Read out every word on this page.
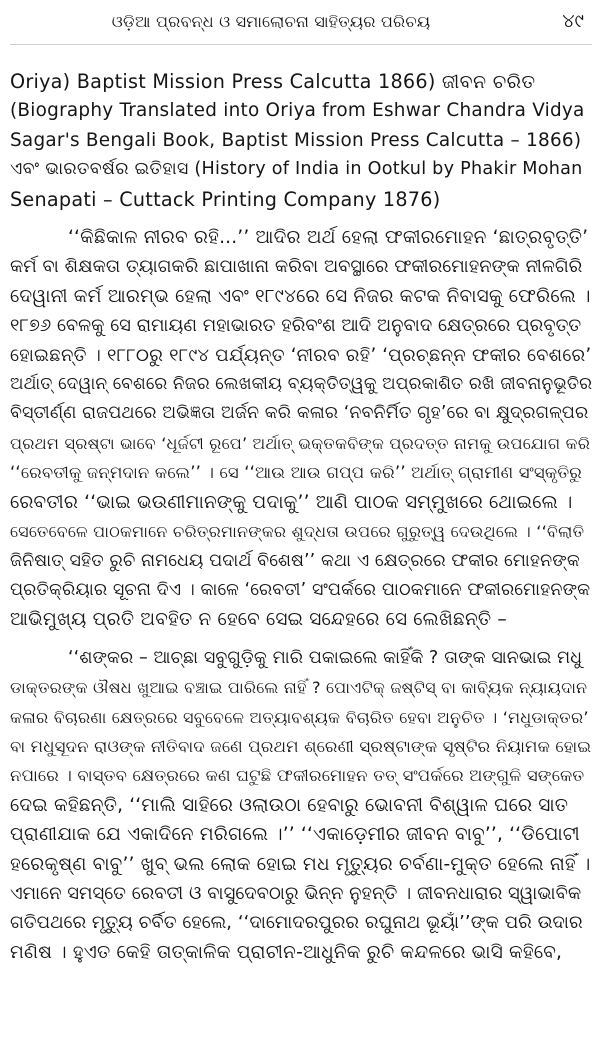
ଓଡ଼ିଆ ପ୍ରବନ୍ଧ ଓ ସମାଲୋଚନା ସାହିତ୍ୟର ପରିଚୟ	୪୯
Oriya) Baptist Mission Press Calcutta 1866) ଜୀବନ ଚରିତ
(Biography Translated into Oriya from Eshwar Chandra Vidya
Sagar's Bengali Book, Baptist Mission Press Calcutta – 1866)
ଏବଂ ଭାରତବର୍ଷର ଇତିହାସ (History of India in Ootkul by Phakir Mohan
Senapati – Cuttack Printing Company 1876)
‘‘କିଛିକାଳ ନୀରବ ରହି...’’ ଆଦିର ଅର୍ଥ ହେଲା ଫକୀରମୋହନ ‘ଛାତ୍ରବୃତ୍ତି’
କର୍ମ ବା ଶିକ୍ଷକତା ତ୍ୟାଗକରି ଛାପାଖାନା କରିବା ଅବସ୍ଥାରେ ଫକୀରମୋହନଙ୍କ ନୀଳଗିରି
ଦେୱାନୀ କର୍ମ ଆରମ୍ଭ ହେଲା ଏବଂ ୧୮୯୪ରେ ସେ ନିଜର କଟକ ନିବାସକୁ ଫେରିଲେ ।
୧୮୭୬ ବେଳକୁ ସେ ରାମାୟଣ ମହାଭାରତ ହରିବଂଶ ଆଦି ଅନୁବାଦ କ୍ଷେତ୍ରରେ ପ୍ରବୃତ୍ତ
ହୋଇଛନ୍ତି । ୧୮୮୦ରୁ ୧୮୯୪ ପର୍ଯ୍ୟନ୍ତ ‘ନୀରବ ରହି’ ‘ପ୍ରଚ୍ଛନ୍ନ ଫକୀର ବେଶରେ’
ଅର୍ଥାତ୍ ଦେୱାନ୍ ବେଶରେ ନିଜର ଲେଖକୀୟ ବ୍ୟକ୍ତିତ୍ୱକୁ ଅପ୍ରକାଶିତ ରଖି ଜୀବନାନୁଭୂତିର
ବିସ୍ତୀର୍ଣ୍ଣ ରାଜପଥରେ ଅଭିଜ୍ଞତା ଅର୍ଜନ କରି କଳାର ‘ନବନିର୍ମିତ ଗୃହ’ରେ ବା କ୍ଷୁଦ୍ରଗଳ୍ପର
ପ୍ରଥମ ସ୍ରଷ୍ଟା ଭାବେ ‘ଧୂର୍ଜଟୀ ରୂପେ’ ଅର୍ଥାତ୍ ଭକ୍ତକବିଙ୍କ ପ୍ରଦତ୍ତ ନାମକୁ ଉପଯୋଗ କରି
‘‘ରେବତୀକୁ ଜନ୍ମଦାନ କଲେ’’ । ସେ ‘‘ଆଉ ଆଉ ଗପ୍ପ କରି’’ ଅର୍ଥାତ୍ ଗ୍ରାମୀଣ ସଂସ୍କୃତିରୁ
ରେବତୀର ‘‘ଭାଇ ଭଉଣୀମାନଙ୍କୁ ପଦାକୁ’’ ଆଣି ପାଠକ ସମ୍ମୁଖରେ ଥୋଇଲେ ।
ସେତେବେଳେ ପାଠକମାନେ ଚରିତ୍ରମାନଙ୍କର ଶୁଦ୍ଧତା ଉପରେ ଗୁରୁତ୍ୱ ଦେଉଥିଲେ । ‘‘ବିଲାତି
ଜିନିଷାତ୍ ସହିତ ରୁଚି ନାମଧେୟ ପଦାର୍ଥ ବିଶେଷ’’ କଥା ଏ କ୍ଷେତ୍ରରେ ଫକୀର ମୋହନଙ୍କ
ପ୍ରତିକ୍ରିୟାର ସୂଚନା ଦିଏ । କାଳେ ‘ରେବତୀ’ ସଂପର୍କରେ ପାଠକମାନେ ଫକୀରମୋହନଙ୍କ
ଆଭିମୁଖ୍ୟ ପ୍ରତି ଅବହିତ ନ ହେବେ ସେଇ ସନ୍ଦେହରେ ସେ ଲେଖିଛନ୍ତି –
‘‘ଶଙ୍କର – ଆଚ୍ଛା ସବୁଗୁଡ଼ିକୁ ମାରି ପକାଇଲେ କାହିଁକି ? ତାଙ୍କ ସାନଭାଇ ମଧୁ
ଡାକ୍ତରଙ୍କ ଔଷଧ ଖୁଆଇ ବଞ୍ଚାଇ ପାରିଲେ ନାହିଁ ? ପୋଏଟିକ୍ ଜଷ୍ଟିସ୍ ବା କାବ୍ୟିକ ନ୍ୟାୟଦାନ
କଳାର ବିଚାରଣା କ୍ଷେତ୍ରରେ ସବୁବେଳେ ଅତ୍ୟାବଶ୍ୟକ ବିଚାରିତ ହେବା ଅନୁଚିତ । ‘ମଧୁଡାକ୍ତର’
ବା ମଧୁସୂଦନ ରାଓଙ୍କ ନୀତିବାଦ ଜଣେ ପ୍ରଥମ ଶ୍ରେଣୀ ସ୍ରଷ୍ଟାଙ୍କ ସୃଷ୍ଟିର ନିୟାମକ ହୋଇ
ନପାରେ । ବାସ୍ତବ କ୍ଷେତ୍ରରେ କଣ ଘଟୁଛି ଫକୀରମୋହନ ତତ୍ ସଂପର୍କରେ ଅଙ୍ଗୁଳି ସଙ୍କେତ
ଦେଇ କହିଛନ୍ତି, ‘‘ମାଲି ସାହିରେ ଓଲାଉଠା ହେବାରୁ ଭୋବନୀ ବିଶ୍ୱାଳ ଘରେ ସାତ
ପ୍ରାଣୀଯାକ ଯେ ଏକାଦିନେ ମରିଗଲେ ।’’ ‘‘ଏକାଡ଼େମୀର ଜୀବନ ବାବୁ’’, ‘‘ଡିପୋଟୀ
ହରେକୃଷ୍ଣ ବାବୁ’’ ଖୁବ୍ ଭଲ ଲୋକ ହୋଇ ମଧ ମୃତ୍ୟୁର ଚର୍ବଣା-ମୁକ୍ତ ହେଲେ ନାହିଁ ।
ଏମାନେ ସମସ୍ତେ ରେବତୀ ଓ ବାସୁଦେବଠାରୁ ଭିନ୍ନ ନୁହନ୍ତି । ଜୀବନଧାରାର ସ୍ୱାଭାବିକ
ଗତିପଥରେ ମୃତ୍ୟୁ ଚର୍ବିତ ହେଲେ, ‘‘ଦାମୋଦରପୁରର ରଘୁନାଥ ଭୂୟାଁ’’ଙ୍କ ପରି ଉଦାର
ମଣିଷ । ହୁଏତ କେହି ତାତ୍କାଳିକ ପ୍ରାଚୀନ-ଆଧୁନିକ ରୁଚି କନ୍ଦଳରେ ଭାସି କହିବେ,
